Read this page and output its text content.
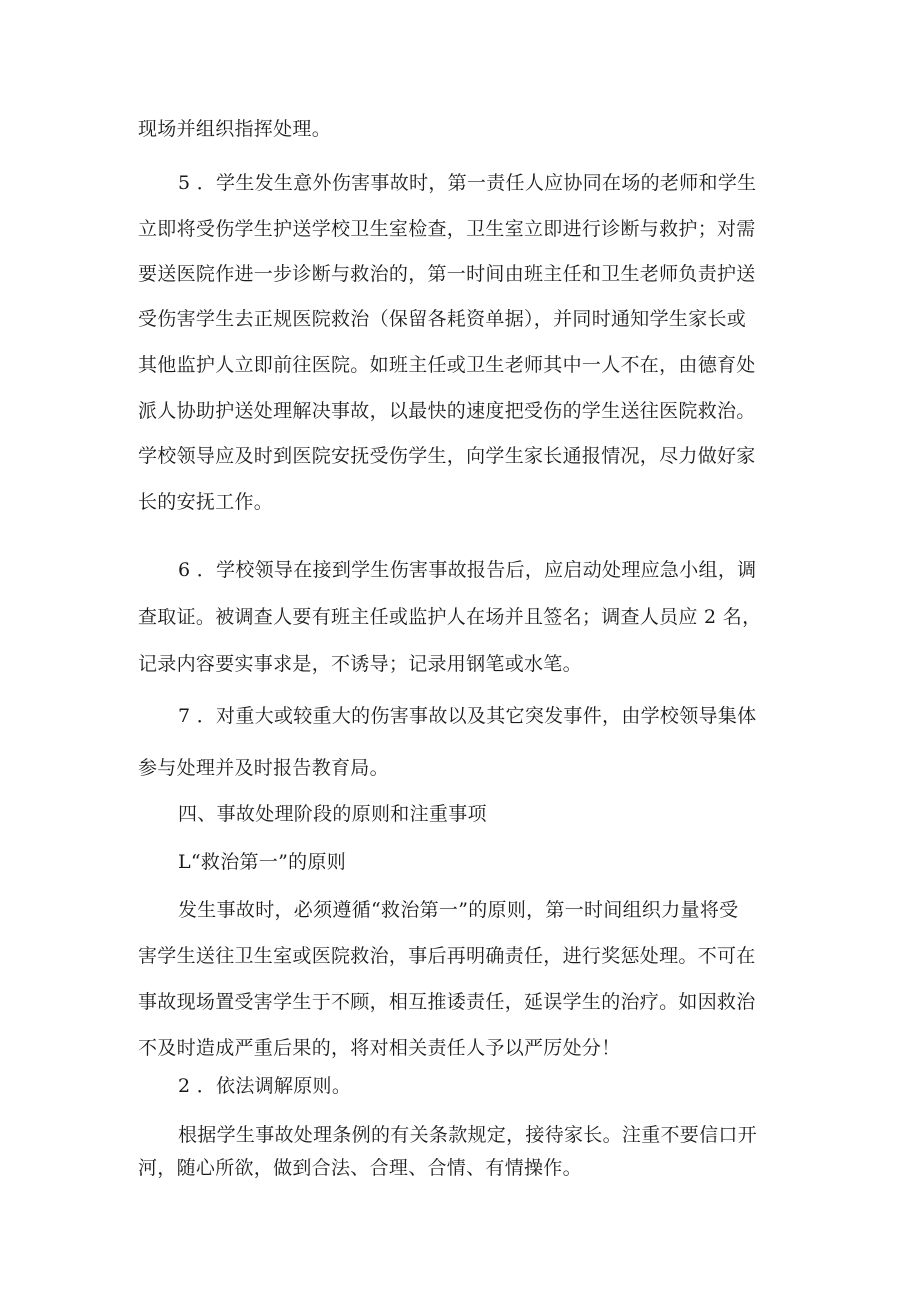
现场并组织指挥处理。
5 ．学生发生意外伤害事故时，第一责任人应协同在场的老师和学生
立即将受伤学生护送学校卫生室检查，卫生室立即进行诊断与救护；对需
要送医院作进一步诊断与救治的，第一时间由班主任和卫生老师负责护送
受伤害学生去正规医院救治（保留各耗资单据），并同时通知学生家长或
其他监护人立即前往医院。如班主任或卫生老师其中一人不在，由德育处
派人协助护送处理解决事故，以最快的速度把受伤的学生送往医院救治。
学校领导应及时到医院安抚受伤学生，向学生家长通报情况，尽力做好家
长的安抚工作。
6 ．学校领导在接到学生伤害事故报告后，应启动处理应急小组，调
查取证。被调查人要有班主任或监护人在场并且签名；调查人员应 2 名，
记录内容要实事求是，不诱导；记录用钢笔或水笔。
7 ．对重大或较重大的伤害事故以及其它突发事件，由学校领导集体
参与处理并及时报告教育局。
四、事故处理阶段的原则和注重事项
L“救治第一”的原则
发生事故时，必须遵循“救治第一”的原则，第一时间组织力量将受
害学生送往卫生室或医院救治，事后再明确责任，进行奖惩处理。不可在
事故现场置受害学生于不顾，相互推诿责任，延误学生的治疗。如因救治
不及时造成严重后果的，将对相关责任人予以严厉处分！
2 ．依法调解原则。
根据学生事故处理条例的有关条款规定，接待家长。注重不要信口开
河，随心所欲，做到合法、合理、合情、有情操作。
